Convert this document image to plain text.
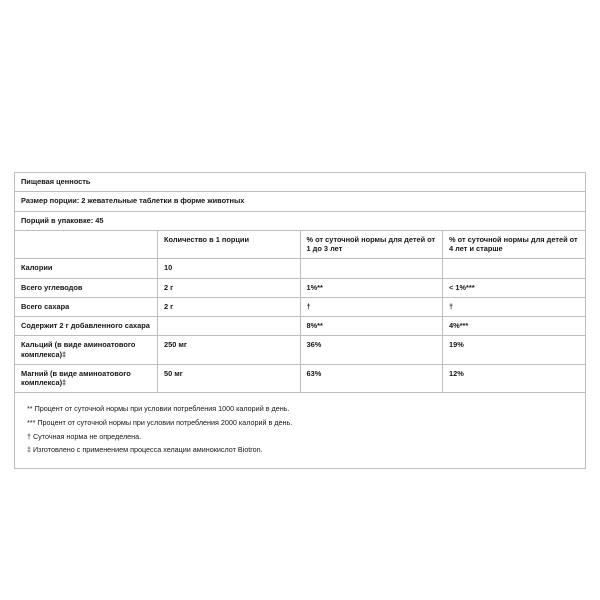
Пищевая ценность			
Размер порции: 2 жевательные таблетки в форме животных			
Порций в упаковке: 45			
	Количество в 1 порции	% от суточной нормы для детей от 1 до 3 лет	% от суточной нормы для детей от 4 лет и старше
Калории	10		
Всего углеводов	2 г	1%**	< 1%***
Всего сахара	2 г	†	†
Содержит 2 г добавленного сахара		8%**	4%***
Кальций (в виде аминоатового комплекса)‡	250 мг	36%	19%
Магний (в виде аминоатового комплекса)‡	50 мг	63%	12%

** Процент от суточной нормы при условии потребления 1000 калорий в день.
*** Процент от суточной нормы при условии потребления 2000 калорий в день.
† Суточная норма не определена.
‡ Изготовлено с применением процесса хелации аминокислот Biotron.			
